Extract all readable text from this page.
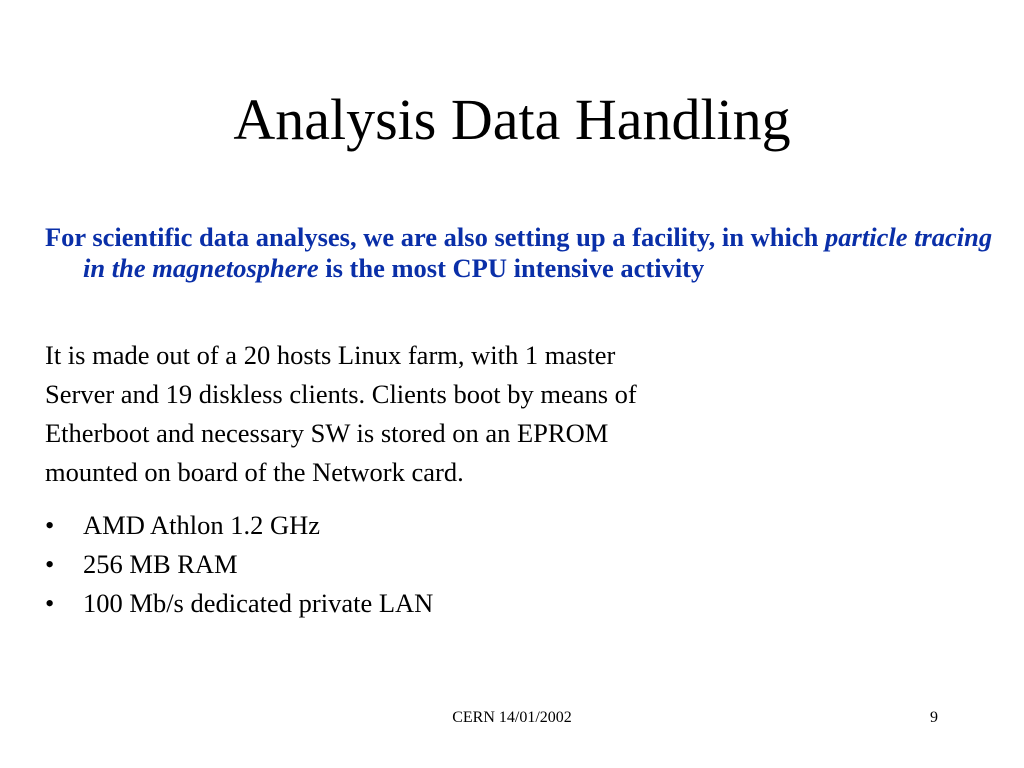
Analysis Data Handling

For scientific data analyses, we are also setting up a facility, in which particle tracing in the magnetosphere is the most CPU intensive activity

It is made out of a 20 hosts Linux farm, with 1 master
Server and 19 diskless clients. Clients boot by means of
Etherboot and necessary SW is stored on an EPROM
mounted on board of the Network card.

•	AMD Athlon 1.2 GHz
•	256 MB RAM
•	100 Mb/s dedicated private LAN
CERN 14/01/2002	9
